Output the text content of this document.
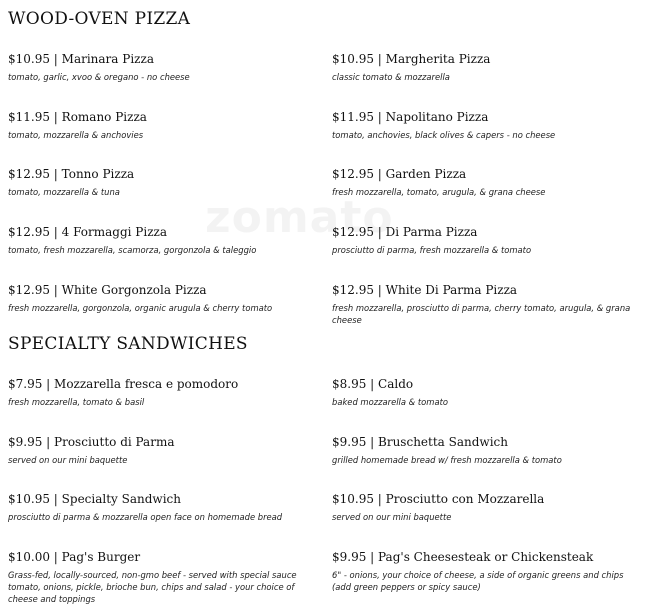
WOOD-OVEN PIZZA
$10.95 | Marinara Pizza
tomato, garlic, xvoo & oregano - no cheese
$10.95 | Margherita Pizza
classic tomato & mozzarella
$11.95 | Romano Pizza
tomato, mozzarella & anchovies
$11.95 | Napolitano Pizza
tomato, anchovies, black olives & capers - no cheese
$12.95 | Tonno Pizza
tomato, mozzarella & tuna
$12.95 | Garden Pizza
fresh mozzarella, tomato, arugula, & grana cheese
$12.95 | 4 Formaggi Pizza
tomato, fresh mozzarella, scamorza, gorgonzola & taleggio
$12.95 | Di Parma Pizza
prosciutto di parma, fresh mozzarella & tomato
$12.95 | White Gorgonzola Pizza
fresh mozzarella, gorgonzola, organic arugula & cherry tomato
$12.95 | White Di Parma Pizza
fresh mozzarella, prosciutto di parma, cherry tomato, arugula, & grana cheese
SPECIALTY SANDWICHES
$7.95 | Mozzarella fresca e pomodoro
fresh mozzarella, tomato & basil
$8.95 | Caldo
baked mozzarella & tomato
$9.95 | Prosciutto di Parma
served on our mini baquette
$9.95 | Bruschetta Sandwich
grilled homemade bread w/ fresh mozzarella & tomato
$10.95 | Specialty Sandwich
prosciutto di parma & mozzarella open face on homemade bread
$10.95 | Prosciutto con Mozzarella
served on our mini baquette
$10.00 | Pag's Burger
Grass-fed, locally-sourced, non-gmo beef - served with special sauce tomato, onions, pickle, brioche bun, chips and salad - your choice of cheese and toppings
$9.95 | Pag's Cheesesteak or Chickensteak
6" - onions, your choice of cheese, a side of organic greens and chips (add green peppers or spicy sauce)
